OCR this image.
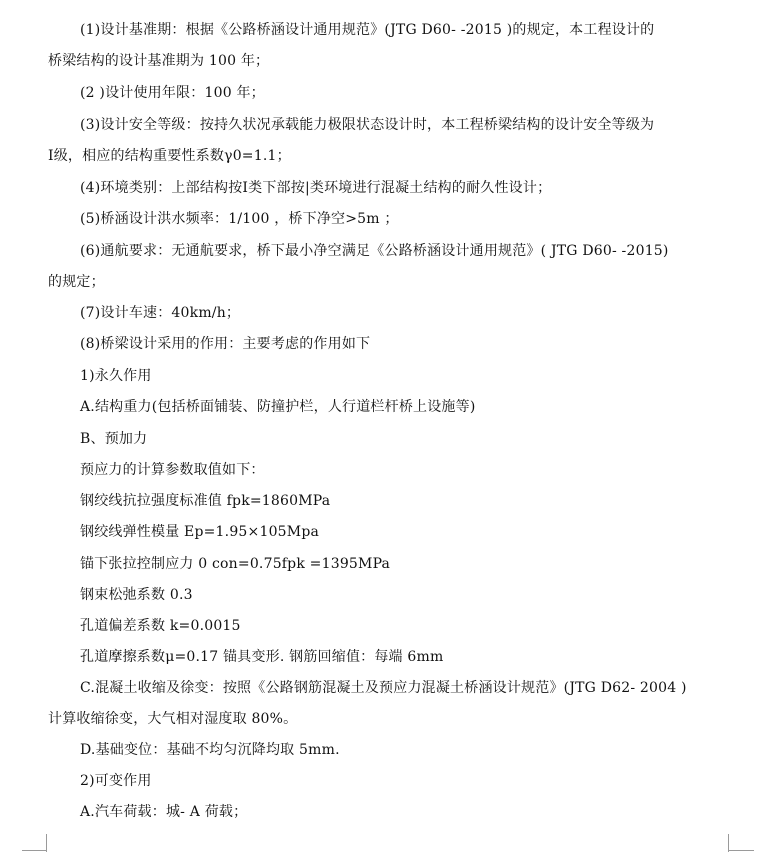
(1)设计基准期：根据《公路桥涵设计通用规范》(JTG D60- -2015 )的规定，本工程设计的
桥梁结构的设计基准期为 100 年；
(2 )设计使用年限：100 年；
(3)设计安全等级：按持久状况承载能力极限状态设计时，本工程桥梁结构的设计安全等级为
Ⅰ级，相应的结构重要性系数γ0=1.1；
(4)环境类别：上部结构按Ⅰ类下部按|类环境进行混凝土结构的耐久性设计；
(5)桥涵设计洪水频率：1/100 ，桥下净空>5m ；
(6)通航要求：无通航要求，桥下最小净空满足《公路桥涵设计通用规范》( JTG D60- -2015)
的规定；
(7)设计车速：40km/h；
(8)桥梁设计采用的作用：主要考虑的作用如下
1)永久作用
A.结构重力(包括桥面铺装、防撞护栏，人行道栏杆桥上设施等)
B、预加力
预应力的计算参数取值如下：
钢绞线抗拉强度标准值 fpk=1860MPa
钢绞线弹性模量 Ep=1.95×105Mpa
锚下张拉控制应力 0 con=0.75fpk =1395MPa
钢束松弛系数 0.3
孔道偏差系数 k=0.0015
孔道摩擦系数μ=0.17 锚具变形. 钢筋回缩值：每端 6mm
C.混凝土收缩及徐变：按照《公路钢筋混凝土及预应力混凝土桥涵设计规范》(JTG D62- 2004 )
计算收缩徐变，大气相对湿度取 80%。
D.基础变位：基础不均匀沉降均取 5mm.
2)可变作用
A.汽车荷载：城- A 荷载；
